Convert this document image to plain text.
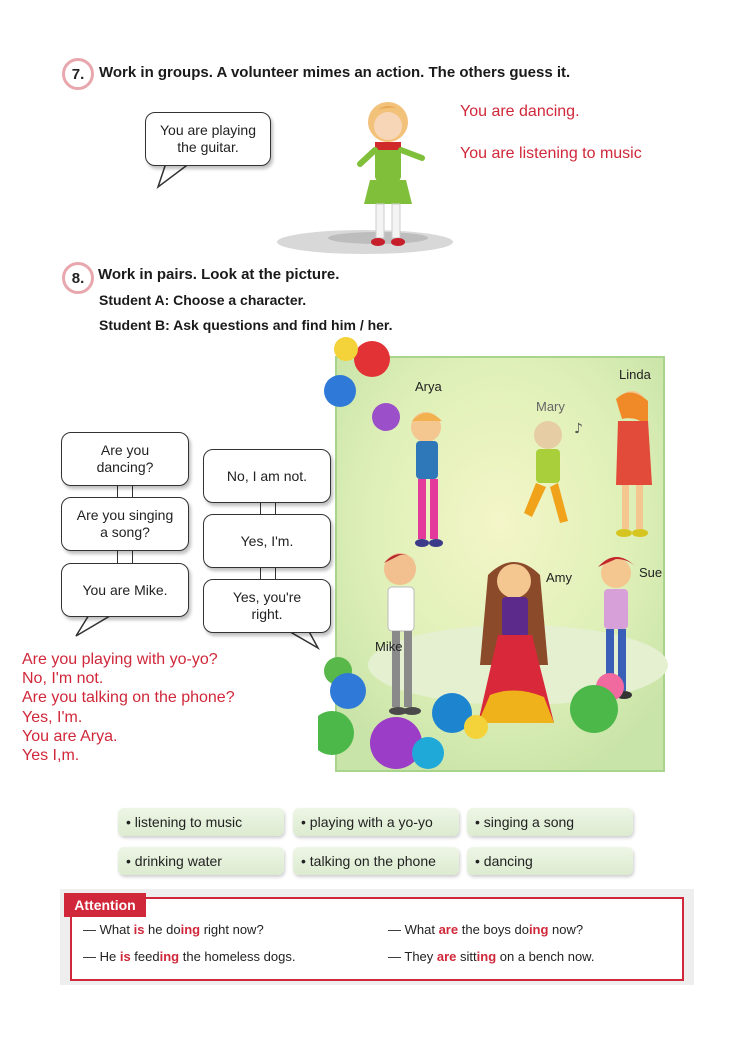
7. Work in groups. A volunteer mimes an action. The others guess it.
You are playing
the guitar.
You are dancing.
You are listening to music
8. Work in pairs. Look at the picture.
Student A: Choose a character.
Student B: Ask questions and find him / her.
♪
Arya
Mary
Linda
Amy	Sue
Mike
Are you
dancing?
Are you singing
a song?
You are Mike.
No, I am not.
Yes, I'm.
Yes, you're
right.
Are you playing with yo-yo?
No, I'm not.
Are you talking on the phone?
Yes, I'm.
You are Arya.
Yes I,m.
• listening to music	• playing with a yo-yo	• singing a song
• drinking water	• talking on the phone	• dancing
Attention
— What is he doing right now?
— He is feeding the homeless dogs.
— What are the boys doing now?
— They are sitting on a bench now.
